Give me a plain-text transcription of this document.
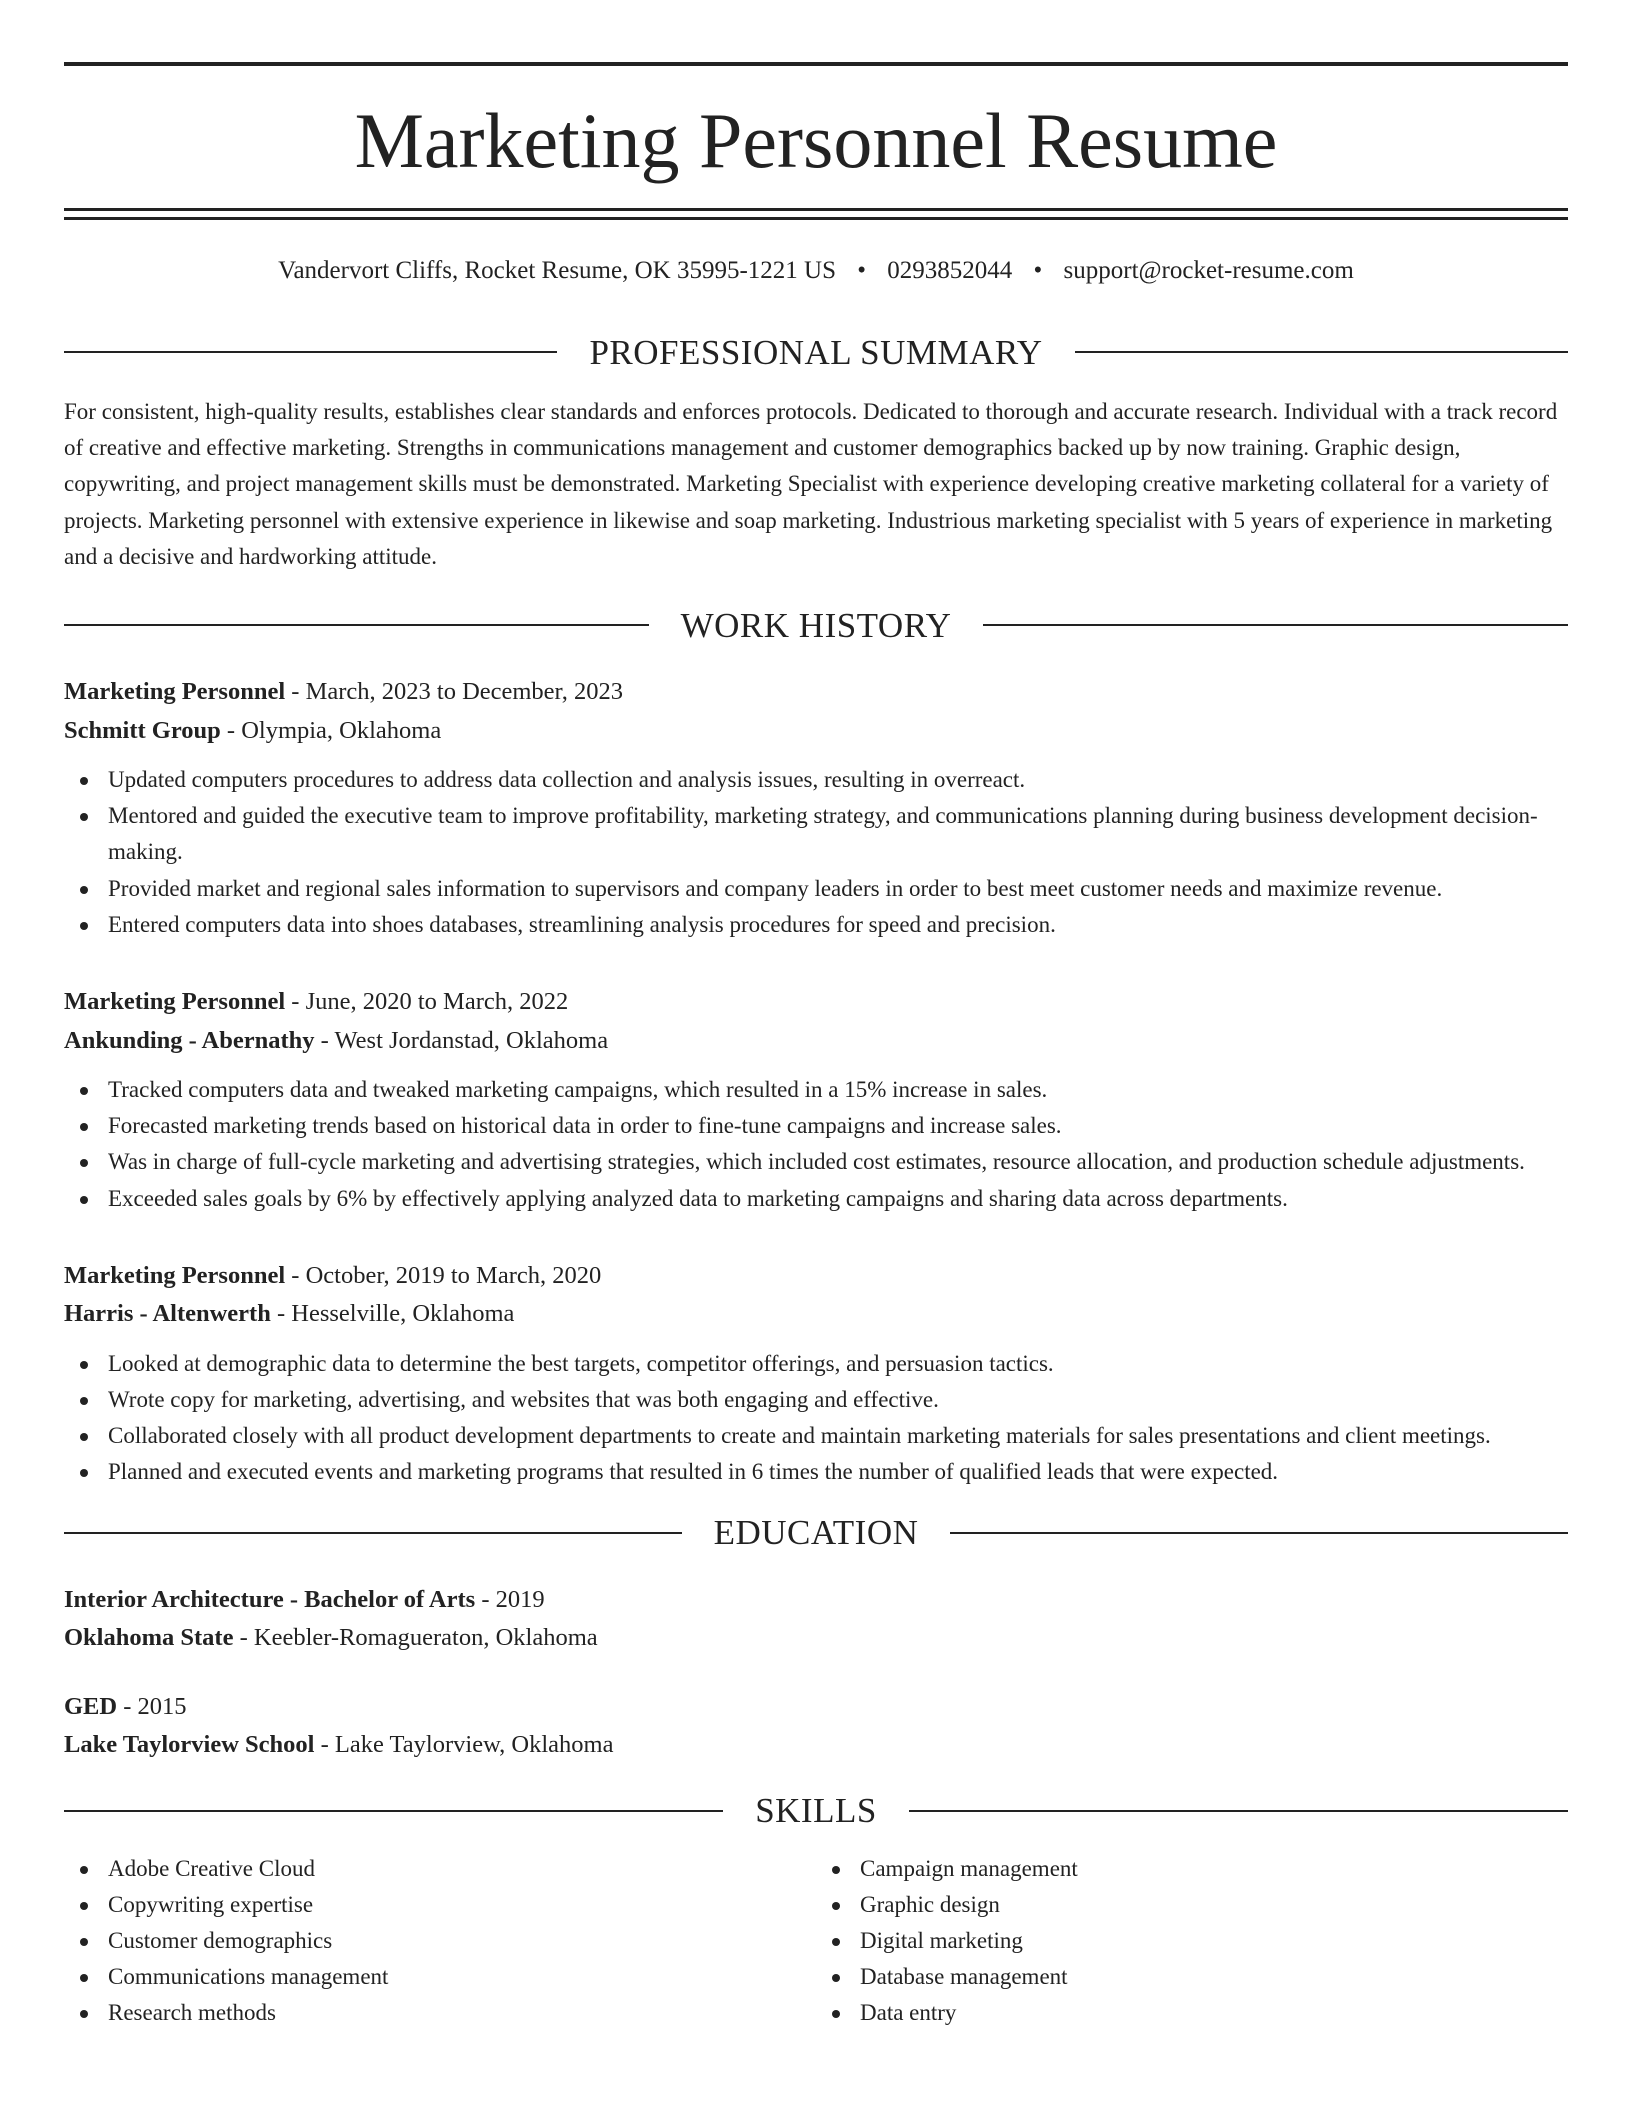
Marketing Personnel Resume
Vandervort Cliffs, Rocket Resume, OK 35995-1221 US • 0293852044 • support@rocket-resume.com
PROFESSIONAL SUMMARY

For consistent, high-quality results, establishes clear standards and enforces protocols. Dedicated to thorough and accurate research. Individual with a track record of creative and effective marketing. Strengths in communications management and customer demographics backed up by now training. Graphic design, copywriting, and project management skills must be demonstrated. Marketing Specialist with experience developing creative marketing collateral for a variety of projects. Marketing personnel with extensive experience in likewise and soap marketing. Industrious marketing specialist with 5 years of experience in marketing and a decisive and hardworking attitude.

WORK HISTORY
Marketing Personnel - March, 2023 to December, 2023
Schmitt Group - Olympia, Oklahoma
Updated computers procedures to address data collection and analysis issues, resulting in overreact.
Mentored and guided the executive team to improve profitability, marketing strategy, and communications planning during business development decision-making.
Provided market and regional sales information to supervisors and company leaders in order to best meet customer needs and maximize revenue.
Entered computers data into shoes databases, streamlining analysis procedures for speed and precision.
Marketing Personnel - June, 2020 to March, 2022
Ankunding - Abernathy - West Jordanstad, Oklahoma
Tracked computers data and tweaked marketing campaigns, which resulted in a 15% increase in sales.
Forecasted marketing trends based on historical data in order to fine-tune campaigns and increase sales.
Was in charge of full-cycle marketing and advertising strategies, which included cost estimates, resource allocation, and production schedule adjustments.
Exceeded sales goals by 6% by effectively applying analyzed data to marketing campaigns and sharing data across departments.
Marketing Personnel - October, 2019 to March, 2020
Harris - Altenwerth - Hesselville, Oklahoma
Looked at demographic data to determine the best targets, competitor offerings, and persuasion tactics.
Wrote copy for marketing, advertising, and websites that was both engaging and effective.
Collaborated closely with all product development departments to create and maintain marketing materials for sales presentations and client meetings.
Planned and executed events and marketing programs that resulted in 6 times the number of qualified leads that were expected.
EDUCATION
Interior Architecture - Bachelor of Arts - 2019
Oklahoma State - Keebler-Romagueraton, Oklahoma
GED - 2015
Lake Taylorview School - Lake Taylorview, Oklahoma
SKILLS
Adobe Creative Cloud
Copywriting expertise
Customer demographics
Communications management
Research methods
Campaign management
Graphic design
Digital marketing
Database management
Data entry
